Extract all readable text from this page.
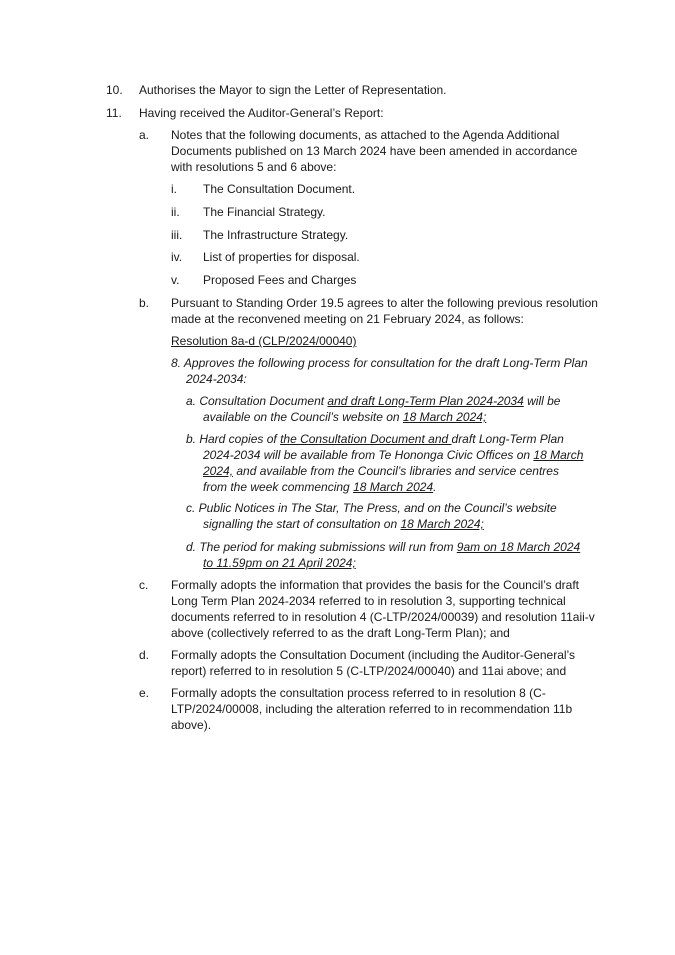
10. Authorises the Mayor to sign the Letter of Representation.
11. Having received the Auditor-General’s Report:
a. Notes that the following documents, as attached to the Agenda Additional Documents published on 13 March 2024 have been amended in accordance with resolutions 5 and 6 above:
i. The Consultation Document.
ii. The Financial Strategy.
iii. The Infrastructure Strategy.
iv. List of properties for disposal.
v. Proposed Fees and Charges
b. Pursuant to Standing Order 19.5 agrees to alter the following previous resolution made at the reconvened meeting on 21 February 2024, as follows:
Resolution 8a-d (CLP/2024/00040)
8. Approves the following process for consultation for the draft Long-Term Plan 2024-2034:

a. Consultation Document and draft Long-Term Plan 2024-2034 will be available on the Council’s website on 18 March 2024;

b. Hard copies of the Consultation Document and draft Long-Term Plan 2024-2034 will be available from Te Hononga Civic Offices on 18 March 2024, and available from the Council’s libraries and service centres from the week commencing 18 March 2024.

c. Public Notices in The Star, The Press, and on the Council’s website signalling the start of consultation on 18 March 2024;

d. The period for making submissions will run from 9am on 18 March 2024 to 11.59pm on 21 April 2024;

c. Formally adopts the information that provides the basis for the Council’s draft Long Term Plan 2024-2034 referred to in resolution 3, supporting technical documents referred to in resolution 4 (C-LTP/2024/00039) and resolution 11aii-v above (collectively referred to as the draft Long-Term Plan); and
d. Formally adopts the Consultation Document (including the Auditor-General’s report) referred to in resolution 5 (C-LTP/2024/00040) and 11ai above; and
e. Formally adopts the consultation process referred to in resolution 8 (C-LTP/2024/00008, including the alteration referred to in recommendation 11b above).
